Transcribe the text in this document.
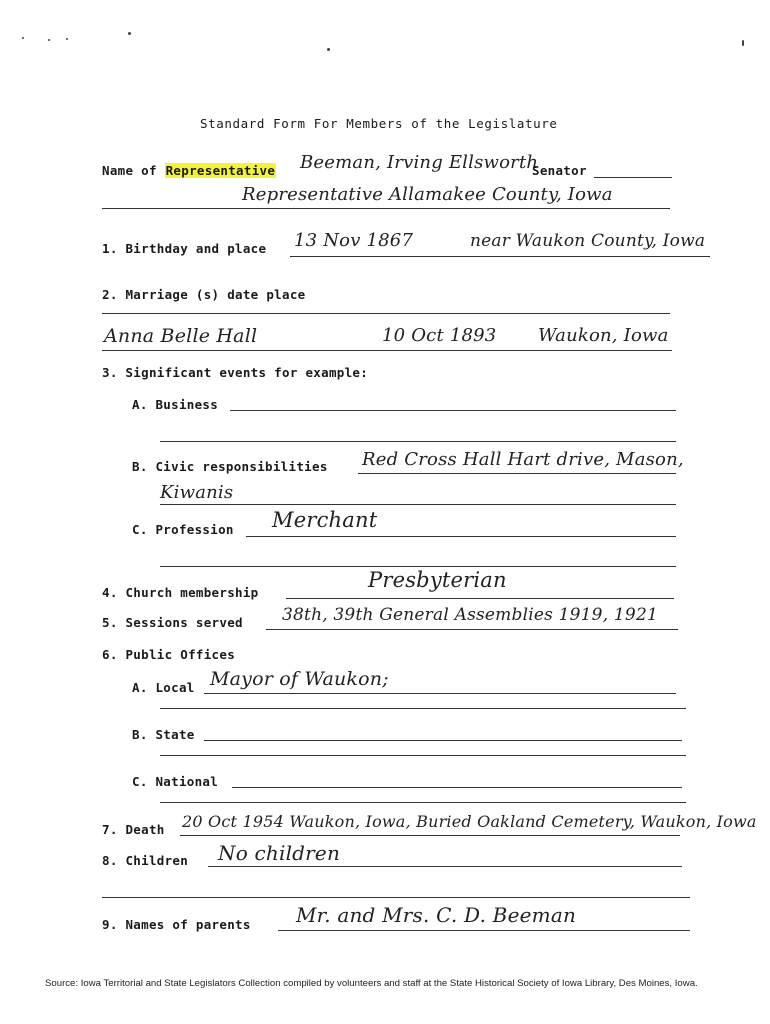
Standard Form For Members of the Legislature
Name of Representative Beeman, Irving Ellsworth
Senator
Representative Allamakee County, Iowa
1. Birthday and place 13 Nov 1867	near Waukon County, Iowa
2. Marriage (s) date place
Anna Belle Hall	10 Oct 1893 Waukon, Iowa
3. Significant events for example:
A. Business
B. Civic responsibilities Red Cross Hall Hart drive, Mason,
Kiwanis
C. Profession Merchant
4. Church membership
Presbyterian
5. Sessions served 38th, 39th General Assemblies 1919, 1921
6. Public Offices
A. Local Mayor of Waukon;
B. State
C. National
7. Death 20 Oct 1954 Waukon, Iowa, Buried Oakland Cemetery, Waukon, Iowa
8. Children No children
9. Names of parents Mr. and Mrs. C. D. Beeman
Source: Iowa Territorial and State Legislators Collection compiled by volunteers and staff at the State Historical Society of Iowa Library, Des Moines, Iowa.
